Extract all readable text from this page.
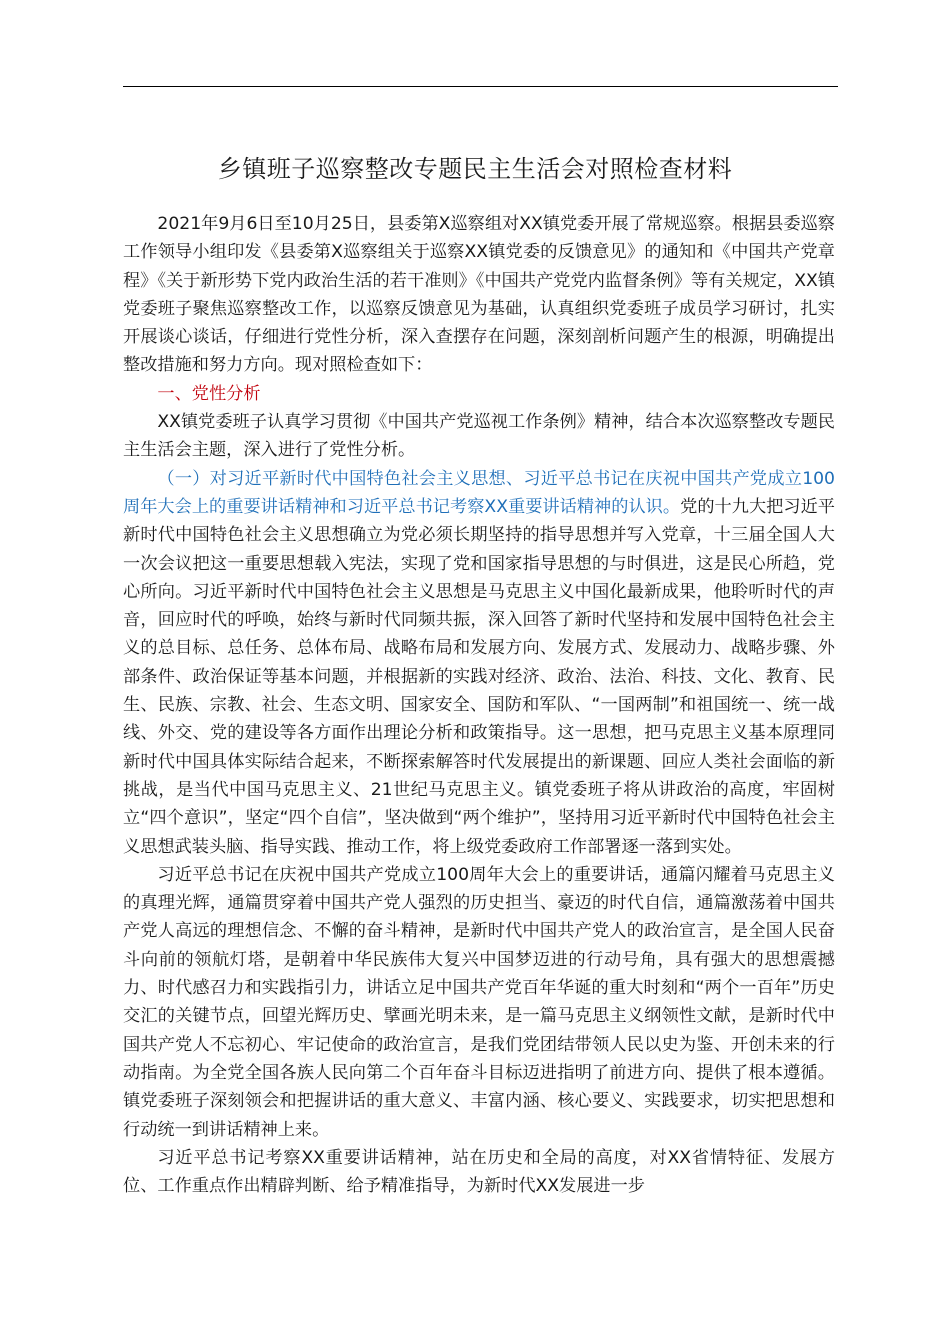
乡镇班子巡察整改专题民主生活会对照检查材料

2021年9月6日至10月25日，县委第X巡察组对XX镇党委开展了常规巡察。根据县委巡察工作领导小组印发《县委第X巡察组关于巡察XX镇党委的反馈意见》的通知和《中国共产党章程》《关于新形势下党内政治生活的若干准则》《中国共产党党内监督条例》等有关规定，XX镇党委班子聚焦巡察整改工作，以巡察反馈意见为基础，认真组织党委班子成员学习研讨，扎实开展谈心谈话，仔细进行党性分析，深入查摆存在问题，深刻剖析问题产生的根源，明确提出整改措施和努力方向。现对照检查如下：

一、党性分析

XX镇党委班子认真学习贯彻《中国共产党巡视工作条例》精神，结合本次巡察整改专题民主生活会主题，深入进行了党性分析。

（一）对习近平新时代中国特色社会主义思想、习近平总书记在庆祝中国共产党成立100周年大会上的重要讲话精神和习近平总书记考察XX重要讲话精神的认识。党的十九大把习近平新时代中国特色社会主义思想确立为党必须长期坚持的指导思想并写入党章，十三届全国人大一次会议把这一重要思想载入宪法，实现了党和国家指导思想的与时俱进，这是民心所趋，党心所向。习近平新时代中国特色社会主义思想是马克思主义中国化最新成果，他聆听时代的声音，回应时代的呼唤，始终与新时代同频共振，深入回答了新时代坚持和发展中国特色社会主义的总目标、总任务、总体布局、战略布局和发展方向、发展方式、发展动力、战略步骤、外部条件、政治保证等基本问题，并根据新的实践对经济、政治、法治、科技、文化、教育、民生、民族、宗教、社会、生态文明、国家安全、国防和军队、“一国两制”和祖国统一、统一战线、外交、党的建设等各方面作出理论分析和政策指导。这一思想，把马克思主义基本原理同新时代中国具体实际结合起来，不断探索解答时代发展提出的新课题、回应人类社会面临的新挑战，是当代中国马克思主义、21世纪马克思主义。镇党委班子将从讲政治的高度，牢固树立“四个意识”，坚定“四个自信”，坚决做到“两个维护”，坚持用习近平新时代中国特色社会主义思想武装头脑、指导实践、推动工作，将上级党委政府工作部署逐一落到实处。

习近平总书记在庆祝中国共产党成立100周年大会上的重要讲话，通篇闪耀着马克思主义的真理光辉，通篇贯穿着中国共产党人强烈的历史担当、豪迈的时代自信，通篇激荡着中国共产党人高远的理想信念、不懈的奋斗精神，是新时代中国共产党人的政治宣言，是全国人民奋斗向前的领航灯塔，是朝着中华民族伟大复兴中国梦迈进的行动号角，具有强大的思想震撼力、时代感召力和实践指引力，讲话立足中国共产党百年华诞的重大时刻和“两个一百年”历史交汇的关键节点，回望光辉历史、擘画光明未来，是一篇马克思主义纲领性文献，是新时代中国共产党人不忘初心、牢记使命的政治宣言，是我们党团结带领人民以史为鉴、开创未来的行动指南。为全党全国各族人民向第二个百年奋斗目标迈进指明了前进方向、提供了根本遵循。镇党委班子深刻领会和把握讲话的重大意义、丰富内涵、核心要义、实践要求，切实把思想和行动统一到讲话精神上来。

习近平总书记考察XX重要讲话精神，站在历史和全局的高度，对XX省情特征、发展方位、工作重点作出精辟判断、给予精准指导，为新时代XX发展进一步
